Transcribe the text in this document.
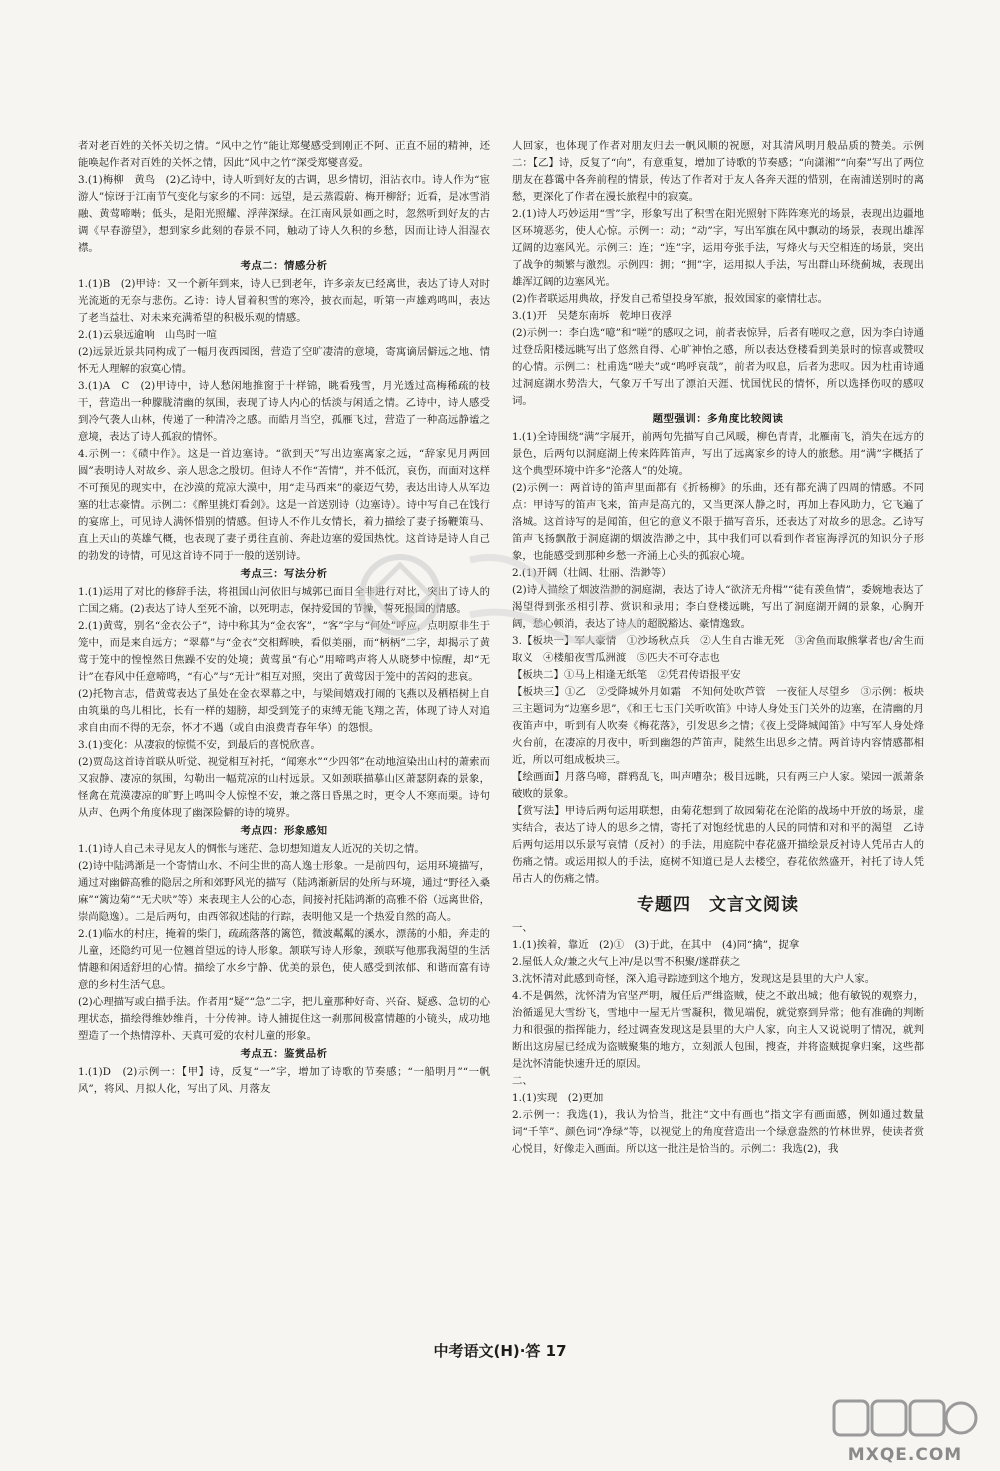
者对老百姓的关怀关切之情。“风中之竹”能让郑燮感受到刚正不阿、正直不屈的精神，还能唤起作者对百姓的关怀之情，因此“风中之竹”深受郑燮喜爱。

3.(1)梅柳　黄鸟　(2)乙诗中，诗人听到好友的古调，思乡情切，泪沾衣巾。诗人作为“宦游人”惊讶于江南节气变化与家乡的不同：远望，是云蒸霞蔚、梅开柳舒；近看，是冰雪消融、黄莺啼啭；低头，是阳光照耀、浮萍深绿。在江南风景如画之时，忽然听到好友的古调《早春游望》，想到家乡此刻的春景不同，触动了诗人久积的乡愁，因而让诗人泪湿衣襟。

考点二：情感分析

1.(1)B　(2)甲诗：又一个新年到来，诗人已到老年，许多亲友已经离世，表达了诗人对时光流逝的无奈与悲伤。乙诗：诗人冒着积雪的寒冷，披衣而起，听第一声雄鸡鸣叫，表达了老当益壮、对未来充满希望的积极乐观的情感。

2.(1)云泉远逾响　山鸟时一喧

(2)远景近景共同构成了一幅月夜西园图，营造了空旷凄清的意境，寄寓谪居僻远之地、情怀无人理解的寂寞心情。

3.(1)A　C　(2)甲诗中，诗人愁闲地推窗于十样锦，眺看残雪，月光透过高梅稀疏的枝干，营造出一种朦胧清幽的氛围，表现了诗人内心的恬淡与闲适之情。乙诗中，诗人感受到冷气袭人山林，传递了一种清冷之感。而皓月当空，孤雁飞过，营造了一种高远静谧之意境，表达了诗人孤寂的情怀。

4.示例一：《碛中作》。这是一首边塞诗。“欲到天”写出边塞离家之远，“辞家见月两回圆”表明诗人对故乡、亲人思念之殷切。但诗人不作“苦情”，并不低沉，哀伤，而面对这样不可预见的现实中，在沙漠的荒凉大漠中，用“走马西来”的豪迈气势，表达出诗人从军边塞的壮志豪情。示例二：《醉里挑灯看剑》。这是一首送别诗（边塞诗）。诗中写自己在饯行的宴席上，可见诗人满怀惜别的情感。但诗人不作儿女情长，着力描绘了妻子扬鞭策马、直上天山的英雄气概，也表现了妻子勇往直前、奔赴边塞的爱国热忱。这首诗是诗人自己的勃发的诗情，可见这首诗不同于一般的送别诗。

考点三：写法分析

1.(1)运用了对比的修辞手法，将祖国山河依旧与城郭已面目全非进行对比，突出了诗人的亡国之痛。(2)表达了诗人至死不渝，以死明志，保持爱国的节操，誓死报国的情感。

2.(1)黄莺，别名“金衣公子”，诗中称其为“金衣客”，“客”字与“何处”呼应，点明原非生于笼中，而是来自远方；“翠幕”与“金衣”交相辉映，看似美丽，而“柄柄”二字，却揭示了黄莺于笼中的惶惶然日焦躁不安的处境；黄莺虽“有心”用啼鸣声将人从晓梦中惊醒，却“无计”在春风中任意啼鸣，“有心”与“无计”相互对照，突出了黄莺因于笼中的苦闷的悲哀。

(2)托物言志，借黄莺表达了虽处在金衣翠幕之中，与梁间嬉戏打闹的飞燕以及栖梧树上自由筑巢的鸟儿相比，长有一样的翅膀，却受到笼子的束缚无能飞翔之苦，体现了诗人对追求自由而不得的无奈，怀才不遇（或自由浪费青春年华）的怨恨。

3.(1)变化：从凄寂的惊慌不安，到最后的喜悦欣喜。

(2)贾岛这首诗首联从听觉、视觉相互衬托，“闻寒水”“少四邻”在动地渲染出山村的萧索而又寂静、凄凉的氛围，勾勒出一幅荒凉的山村远景。又如颈联描摹山区萧瑟阴森的景象，怪禽在荒漠凄凉的旷野上鸣叫令人惊惶不安，兼之落日昏黑之时，更令人不寒而栗。诗句从声、色两个角度体现了幽深险僻的诗的境界。

考点四：形象感知

1.(1)诗人自己未寻见友人的惆怅与迷茫、急切想知道友人近况的关切之情。

(2)诗中陆鸿渐是一个寄情山水、不问尘世的高人逸士形象。一是前四句，运用环境描写，通过对幽僻高雅的隐居之所和郊野风光的描写（陆鸿渐新居的处所与环境，通过“野径入桑麻”“篱边菊”“无犬吠”等）来表现主人公的心态，间接衬托陆鸿渐的高雅不俗（远离世俗，崇尚隐逸）。二是后两句，由西邻叙述陆的行踪，表明他又是一个热爱自然的高人。

2.(1)临水的村庄，掩着的柴门，疏疏落落的篱笆，微波粼粼的溪水，漂荡的小船，奔走的儿童，还隐约可见一位翘首望远的诗人形象。颔联写诗人形象，颈联写他那我渴望的生活情趣和闲适舒坦的心情。描绘了水乡宁静、优美的景色，使人感受到浓郁、和谐而富有诗意的乡村生活气息。

(2)心理描写或白描手法。作者用“疑”“急”二字，把儿童那种好奇、兴奋、疑惑、急切的心理状态，描绘得维妙维肖，十分传神。诗人捕捉住这一刹那间极富情趣的小镜头，成功地塑造了一个热情淳朴、天真可爱的农村儿童的形象。

考点五：鉴赏品析

1.(1)D　(2)示例一：【甲】诗，反复“一”字，增加了诗歌的节奏感；“一船明月”“一帆风”，将风、月拟人化，写出了风、月落友

人回家，也体现了作者对朋友归去一帆风顺的祝愿，对其清风明月般品质的赞美。示例二：【乙】诗，反复了“向”，有意重复，增加了诗歌的节奏感；“向潇湘”“向秦”写出了两位朋友在暮霭中各奔前程的情景，传达了作者对于友人各奔天涯的惜别，在南浦送别时的离愁，更深化了作者在漫长旅程中的寂寞。

2.(1)诗人巧妙运用“雪”字，形象写出了积雪在阳光照射下阵阵寒光的场景，表现出边疆地区环境恶劣，使人心惊。示例一：动；“动”字，写出军旗在风中飘动的场景，表现出雄浑辽阔的边塞风光。示例三：连；“连”字，运用夸张手法，写烽火与天空相连的场景，突出了战争的频繁与激烈。示例四：拥；“拥”字，运用拟人手法，写出群山环绕蓟城，表现出雄浑辽阔的边塞风光。

(2)作者联运用典故，抒发自己希望投身军旅，报效国家的豪情壮志。

3.(1)开　吴楚东南坼　乾坤日夜浮

(2)示例一：李白选“噫”和“嗟”的感叹之词，前者表惊异，后者有嗟叹之意，因为李白诗通过登岳阳楼远眺写出了悠然自得、心旷神怡之感，所以表达登楼看到美景时的惊喜或赞叹的心情。示例二：杜甫选“嗟夫”或“鸣呼哀哉”，前者为叹息，后者为悲叹。因为杜甫诗通过洞庭湖水势浩大，气象万千写出了漂泊天涯、忧国忧民的情怀，所以选择伤叹的感叹词。

题型强训：多角度比较阅读

1.(1)全诗围绕“满”字展开，前两句先描写自己风暖，柳色青青，北雁南飞，消失在远方的景色，后两句以洞庭湖上传来阵阵笛声，写出了远离家乡的诗人的旅愁。用“满”字概括了这个典型环境中许多“沦落人”的处境。

(2)示例一：两首诗的笛声里面都有《折杨柳》的乐曲，还有都充满了四周的情感。不同点：甲诗写的笛声飞来，笛声是高亢的，又当更深人静之时，再加上春风助力，它飞遍了洛城。这首诗写的是闻笛，但它的意义不限于描写音乐，还表达了对故乡的思念。乙诗写笛声飞扬飘散于洞庭湖的烟波浩渺之中，其中我们可以看到作者宦海浮沉的知识分子形象，也能感受到那种乡愁一齐涌上心头的孤寂心境。

2.(1)开阔（壮阔、壮丽、浩渺等）

(2)诗人描绘了烟波浩渺的洞庭湖，表达了诗人“欲济无舟楫”“徒有羡鱼情”，委婉地表达了渴望得到张丞相引荐、赏识和录用；李白登楼远眺，写出了洞庭湖开阔的景象，心胸开阔，愁心顿消，表达了诗人的超脱豁达、豪情逸致。

3.【板块一】军人豪情　①沙场秋点兵　②人生自古谁无死　③舍鱼而取熊掌者也/舍生而取义　④楼船夜雪瓜洲渡　⑤匹夫不可夺志也

【板块二】①马上相逢无纸笔　②凭君传语报平安

【板块三】①乙　②受降城外月如霜　不知何处吹芦管　一夜征人尽望乡　③示例：板块三主题词为“边塞乡思”，《和王七玉门关听吹笛》中诗人身处玉门关外的边塞，在清幽的月夜笛声中，听到有人吹奏《梅花落》，引发思乡之情；《夜上受降城闻笛》中写军人身处烽火台前，在凄凉的月夜中，听到幽怨的芦笛声，陡然生出思乡之情。两首诗内容情感都相近，所以可组成板块三。

【绘画面】月落乌啼，群鸦乱飞，叫声嘈杂；极目远眺，只有两三户人家。梁园一派萧条破败的景象。

【赏写法】甲诗后两句运用联想，由菊花想到了故园菊花在沦陷的战场中开放的场景，虚实结合，表达了诗人的思乡之情，寄托了对饱经忧患的人民的同情和对和平的渴望　乙诗后两句运用以乐景写哀情（反衬）的手法，用庭院中春花盛开描绘景反衬诗人凭吊古人的伤痛之情。或运用拟人的手法，庭树不知道已是人去楼空，春花依然盛开，衬托了诗人凭吊古人的伤痛之情。

专题四　文言文阅读

一、

1.(1)挨着，靠近　(2)①　(3)于此，在其中　(4)同“擒”，捉拿

2.屋低人众/兼之火气上冲/是以雪不积聚/遂群获之

3.沈怀清对此感到奇怪，深入追寻踪迹到这个地方，发现这是县里的大户人家。

4.不是偶然，沈怀清为官坚严明，履任后严缉盗贼，使之不敢出城；他有敏锐的观察力，治循遥见大雪纷飞，雪地中一屋无片雪凝积，微见端倪，就觉察到异常；他有准确的判断力和很强的指挥能力，经过调查发现这是县里的大户人家，向主人又说说明了情况，就判断出这房屋已经成为盗贼聚集的地方，立刻派人包围，搜查，并将盗贼捉拿归案，这些都是沈怀清能快速升迁的原因。

二、

1.(1)实现　(2)更加

2.示例一：我选(1)，我认为恰当，批注“文中有画也”指文字有画面感，例如通过数量词“千竿”、颜色词“净绿”等，以视觉上的角度营造出一个绿意盎然的竹林世界，使读者赏心悦目，好像走入画面。所以这一批注是恰当的。示例二：我选(2)，我

中考语文(H)·答 17
MXQE.COM
